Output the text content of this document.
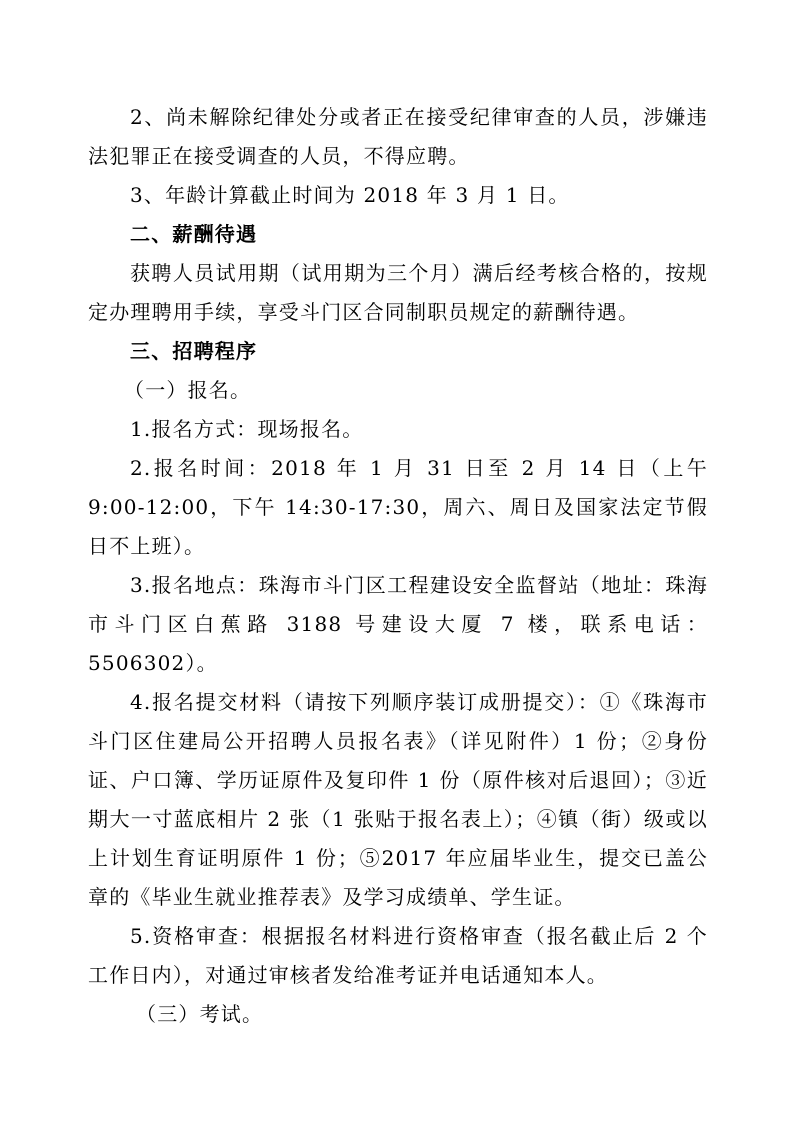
2、尚未解除纪律处分或者正在接受纪律审查的人员，涉嫌违法犯罪正在接受调查的人员，不得应聘。

3、年龄计算截止时间为 2018 年 3 月 1 日。

二、薪酬待遇

获聘人员试用期（试用期为三个月）满后经考核合格的，按规定办理聘用手续，享受斗门区合同制职员规定的薪酬待遇。

三、招聘程序

（一）报名。

1.报名方式：现场报名。

2.报名时间：2018 年 1 月 31 日至 2 月 14 日（上午 9:00-12:00，下午 14:30-17:30，周六、周日及国家法定节假日不上班）。

3.报名地点：珠海市斗门区工程建设安全监督站（地址：珠海市斗门区白蕉路 3188 号建设大厦 7 楼，联系电话：5506302）。

4.报名提交材料（请按下列顺序装订成册提交）：①《珠海市斗门区住建局公开招聘人员报名表》（详见附件）1 份；②身份证、户口簿、学历证原件及复印件 1 份（原件核对后退回）；③近期大一寸蓝底相片 2 张（1 张贴于报名表上）；④镇（街）级或以上计划生育证明原件 1 份；⑤2017 年应届毕业生，提交已盖公章的《毕业生就业推荐表》及学习成绩单、学生证。

5.资格审查：根据报名材料进行资格审查（报名截止后 2 个工作日内），对通过审核者发给准考证并电话通知本人。

（三）考试。
